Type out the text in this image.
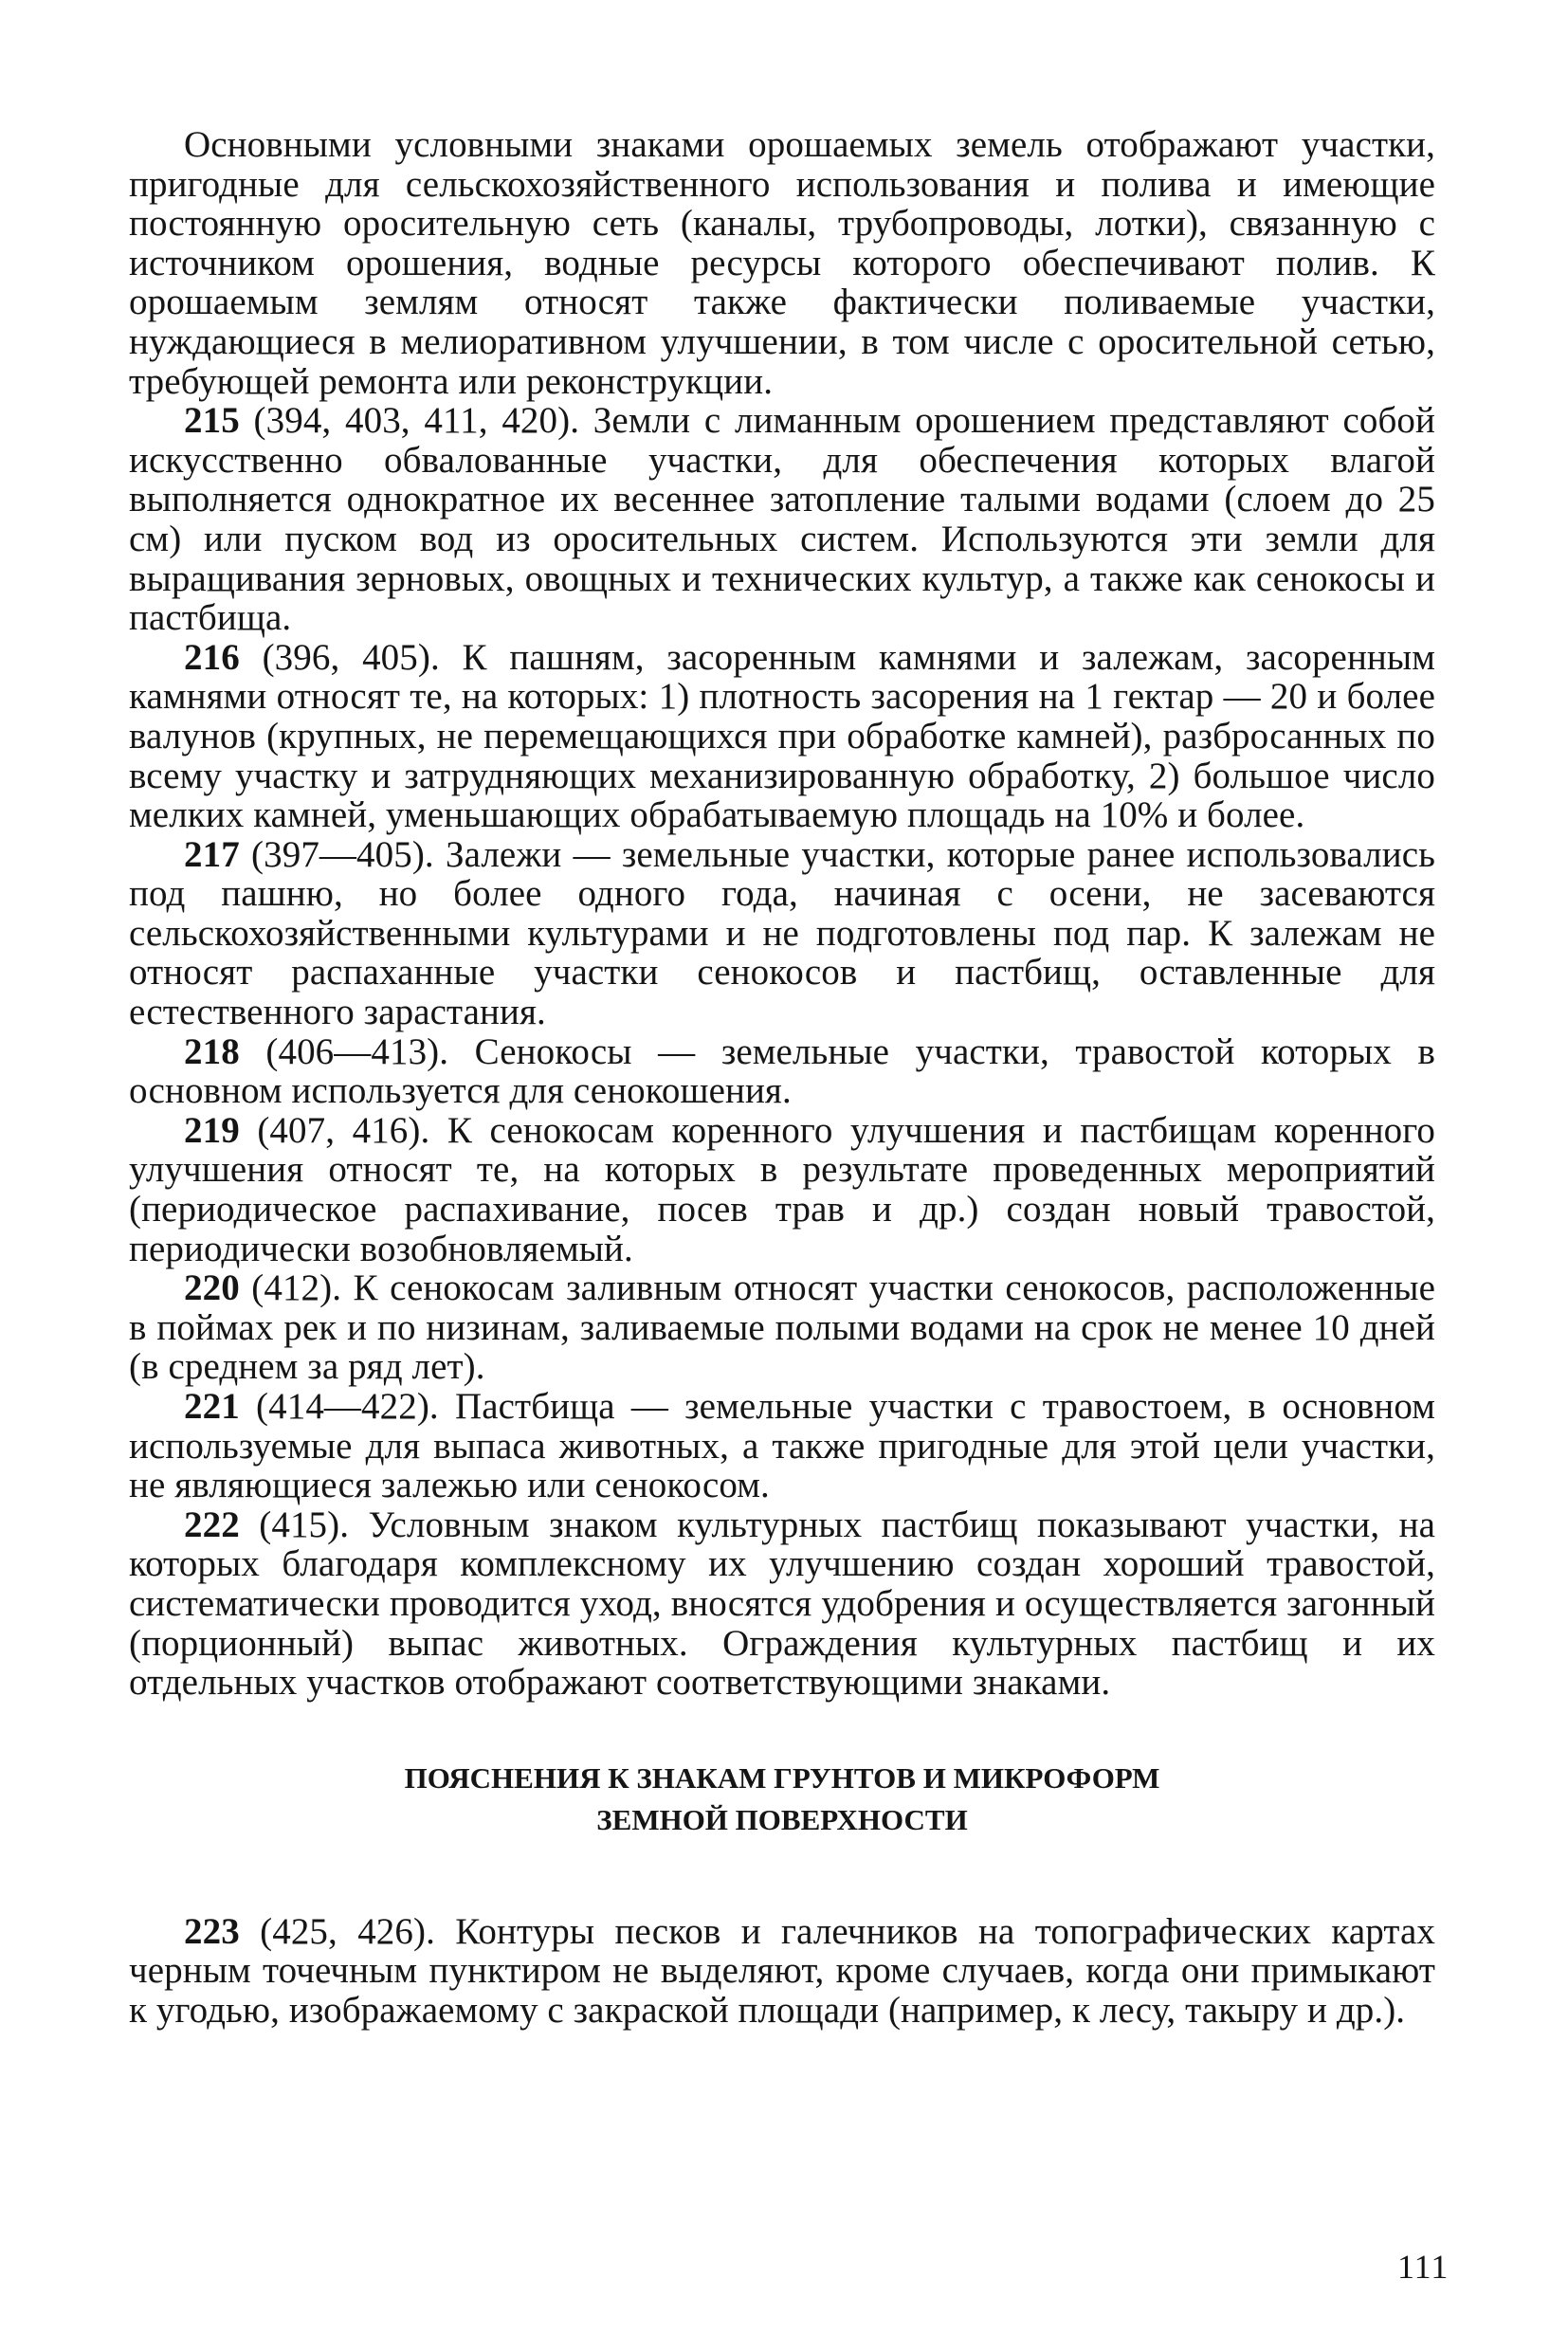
Основными условными знаками орошаемых земель отображают участки, пригодные для сельскохозяйственного использования и полива и имеющие постоянную оросительную сеть (каналы, трубопроводы, лотки), связанную с источником орошения, водные ресурсы которого обеспечивают полив. К орошаемым землям относят также фактически поливаемые участки, нуждающиеся в мелиоративном улучшении, в том числе с оросительной сетью, требующей ремонта или реконструкции.

215 (394, 403, 411, 420). Земли с лиманным орошением представляют собой искусственно обвалованные участки, для обеспечения которых влагой выполняется однократное их весеннее затопление талыми водами (слоем до 25 см) или пуском вод из оросительных систем. Используются эти земли для выращивания зерновых, овощных и технических культур, а также как сенокосы и пастбища.

216 (396, 405). К пашням, засоренным камнями и залежам, засоренным камнями относят те, на которых: 1) плотность засорения на 1 гектар — 20 и более валунов (крупных, не перемещающихся при обработке камней), разбросанных по всему участку и затрудняющих механизированную обработку, 2) большое число мелких камней, уменьшающих обрабатываемую площадь на 10% и более.

217 (397—405). Залежи — земельные участки, которые ранее использовались под пашню, но более одного года, начиная с осени, не засеваются сельскохозяйственными культурами и не подготовлены под пар. К залежам не относят распаханные участки сенокосов и пастбищ, оставленные для естественного зарастания.

218 (406—413). Сенокосы — земельные участки, травостой которых в основном используется для сенокошения.

219 (407, 416). К сенокосам коренного улучшения и пастбищам коренного улучшения относят те, на которых в результате проведенных мероприятий (периодическое распахивание, посев трав и др.) создан новый травостой, периодически возобновляемый.

220 (412). К сенокосам заливным относят участки сенокосов, расположенные в поймах рек и по низинам, заливаемые полыми водами на срок не менее 10 дней (в среднем за ряд лет).

221 (414—422). Пастбища — земельные участки с травостоем, в основном используемые для выпаса животных, а также пригодные для этой цели участки, не являющиеся залежью или сенокосом.

222 (415). Условным знаком культурных пастбищ показывают участки, на которых благодаря комплексному их улучшению создан хороший травостой, систематически проводится уход, вносятся удобрения и осуществляется загонный (порционный) выпас животных. Ограждения культурных пастбищ и их отдельных участков отображают соответствующими знаками.

ПОЯСНЕНИЯ К ЗНАКАМ ГРУНТОВ И МИКРОФОРМ
ЗЕМНОЙ ПОВЕРХНОСТИ

223 (425, 426). Контуры песков и галечников на топографических картах черным точечным пунктиром не выделяют, кроме случаев, когда они примыкают к угодью, изображаемому с закраской площади (например, к лесу, такыру и др.).

111
